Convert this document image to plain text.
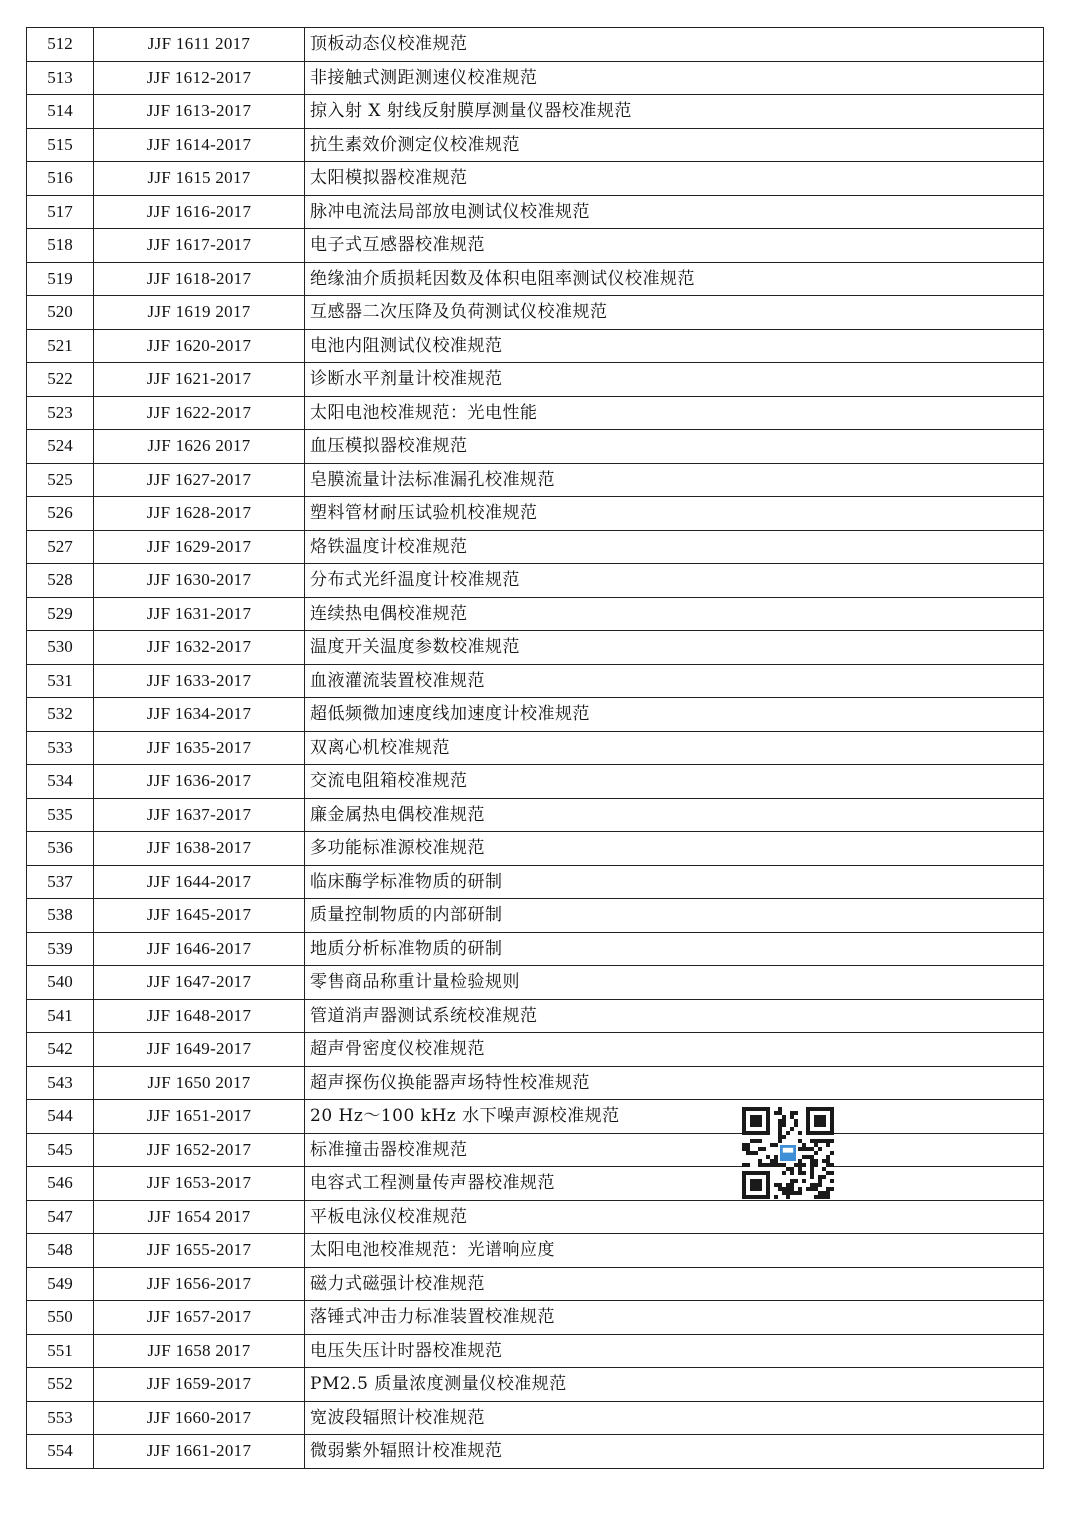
512	JJF 1611 2017	顶板动态仪校准规范
513	JJF 1612-2017	非接触式测距测速仪校准规范
514	JJF 1613-2017	掠入射 X 射线反射膜厚测量仪器校准规范
515	JJF 1614-2017	抗生素效价测定仪校准规范
516	JJF 1615 2017	太阳模拟器校准规范
517	JJF 1616-2017	脉冲电流法局部放电测试仪校准规范
518	JJF 1617-2017	电子式互感器校准规范
519	JJF 1618-2017	绝缘油介质损耗因数及体积电阻率测试仪校准规范
520	JJF 1619 2017	互感器二次压降及负荷测试仪校准规范
521	JJF 1620-2017	电池内阻测试仪校准规范
522	JJF 1621-2017	诊断水平剂量计校准规范
523	JJF 1622-2017	太阳电池校准规范：光电性能
524	JJF 1626 2017	血压模拟器校准规范
525	JJF 1627-2017	皂膜流量计法标准漏孔校准规范
526	JJF 1628-2017	塑料管材耐压试验机校准规范
527	JJF 1629-2017	烙铁温度计校准规范
528	JJF 1630-2017	分布式光纤温度计校准规范
529	JJF 1631-2017	连续热电偶校准规范
530	JJF 1632-2017	温度开关温度参数校准规范
531	JJF 1633-2017	血液灌流装置校准规范
532	JJF 1634-2017	超低频微加速度线加速度计校准规范
533	JJF 1635-2017	双离心机校准规范
534	JJF 1636-2017	交流电阻箱校准规范
535	JJF 1637-2017	廉金属热电偶校准规范
536	JJF 1638-2017	多功能标准源校准规范
537	JJF 1644-2017	临床酶学标准物质的研制
538	JJF 1645-2017	质量控制物质的内部研制
539	JJF 1646-2017	地质分析标准物质的研制
540	JJF 1647-2017	零售商品称重计量检验规则
541	JJF 1648-2017	管道消声器测试系统校准规范
542	JJF 1649-2017	超声骨密度仪校准规范
543	JJF 1650 2017	超声探伤仪换能器声场特性校准规范
544	JJF 1651-2017	20 Hz～100 kHz 水下噪声源校准规范
545	JJF 1652-2017	标准撞击器校准规范
546	JJF 1653-2017	电容式工程测量传声器校准规范
547	JJF 1654 2017	平板电泳仪校准规范
548	JJF 1655-2017	太阳电池校准规范：光谱响应度
549	JJF 1656-2017	磁力式磁强计校准规范
550	JJF 1657-2017	落锤式冲击力标准装置校准规范
551	JJF 1658 2017	电压失压计时器校准规范
552	JJF 1659-2017	PM2.5 质量浓度测量仪校准规范
553	JJF 1660-2017	宽波段辐照计校准规范
554	JJF 1661-2017	微弱紫外辐照计校准规范
